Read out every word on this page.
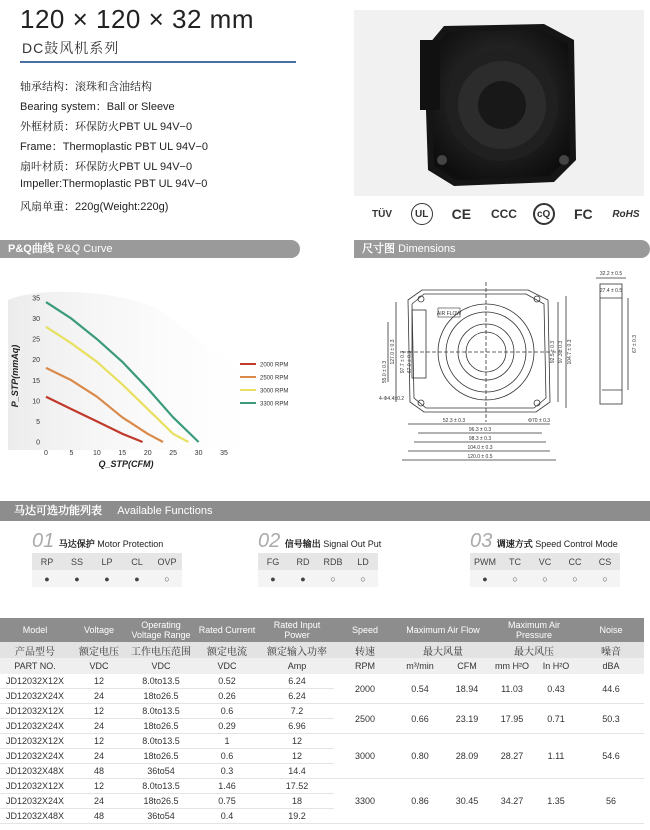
120 × 120 × 32 mm
DC鼓风机系列
轴承结构：滚珠和含油结构
Bearing system：Ball or Sleeve
外框材质：环保防火PBT UL 94V−0
Frame：Thermoplastic PBT UL 94V−0
扇叶材质：环保防火PBT UL 94V−0
Impeller:Thermoplastic PBT UL 94V−0
风扇单重：220g(Weight:220g)
TÜV	UL	CE	CCC	cQ	FC	RoHS
P&Q曲线 P&Q Curve	尺寸图 Dimensions
0	5	10	15	20	25	30	35
0
5
10
15
20
25
30
35
2000 RPM
2500 RPM
3000 RPM
3300 RPM
Q_STP(CFM)
P_STP(mmAq)
AIR FLOW
52.3 ± 0.3
96.3 ± 0.3
98.3 ± 0.3
104.0 ± 0.3
120.0 ± 0.5
127.0 ± 0.3 97.7 ± 0.3 67.0 ± 0.3
55.0 ± 0.3
92.5 ± 0.3 97.3 ± 0.3 104.7 ± 0.3
4-Φ4.4±0.2
Φ70 ± 0.3
32.2 ± 0.5
27.4 ± 0.5
67 ± 0.3
马达可选功能列表 Available Functions
01 马达保护 Motor Protection
RP	SS	LP	CL	OVP
●	●	●	●	○
02 信号输出 Signal Out Put
FG	RD	RDB	LD
●	●	○	○
03 调速方式 Speed Control Mode
PWM	TC	VC	CC	CS
●	○	○	○	○
Model	Voltage	Operating Voltage Range	Rated Current	Rated Input Power	Speed	Maximum Air Flow		Maximum Air Pressure		Noise
产品型号	额定电压	工作电压范围	额定电流	额定输入功率	转速	最大风量		最大风压		噪音
PART NO.	VDC	VDC	VDC	Amp	RPM	m³/min	CFM	mm H²O	In H²O	dBA
JD12032X12X	12	8.0to13.5	0.52	6.24	2000	0.54	18.94	11.03	0.43	44.6
JD12032X24X	24	18to26.5	0.26	6.24						
JD12032X12X	12	8.0to13.5	0.6	7.2	2500	0.66	23.19	17.95	0.71	50.3
JD12032X24X	24	18to26.5	0.29	6.96						
JD12032X12X	12	8.0to13.5	1	12	3000	0.80	28.09	28.27	1.11	54.6
JD12032X24X	24	18to26.5	0.6	12						
JD12032X48X	48	36to54	0.3	14.4						
JD12032X12X	12	8.0to13.5	1.46	17.52	3300	0.86	30.45	34.27	1.35	56
JD12032X24X	24	18to26.5	0.75	18						
JD12032X48X	48	36to54	0.4	19.2						
